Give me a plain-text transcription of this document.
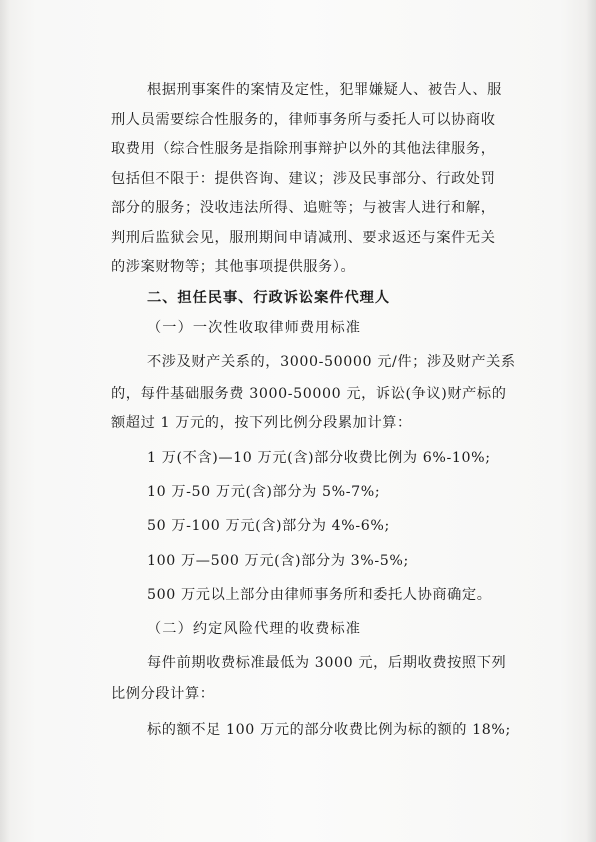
根据刑事案件的案情及定性，犯罪嫌疑人、被告人、服
刑人员需要综合性服务的，律师事务所与委托人可以协商收
取费用（综合性服务是指除刑事辩护以外的其他法律服务，
包括但不限于：提供咨询、建议；涉及民事部分、行政处罚
部分的服务；没收违法所得、追赃等；与被害人进行和解，
判刑后监狱会见，服刑期间申请减刑、要求返还与案件无关
的涉案财物等；其他事项提供服务）。
二、担任民事、行政诉讼案件代理人
（一）一次性收取律师费用标准
不涉及财产关系的，3000-50000 元/件；涉及财产关系
的，每件基础服务费 3000-50000 元，诉讼(争议)财产标的
额超过 1 万元的，按下列比例分段累加计算：
1 万(不含)—10 万元(含)部分收费比例为 6%-10%;
10 万-50 万元(含)部分为 5%-7%;
50 万-100 万元(含)部分为 4%-6%;
100 万—500 万元(含)部分为 3%-5%;
500 万元以上部分由律师事务所和委托人协商确定。
（二）约定风险代理的收费标准
每件前期收费标准最低为 3000 元，后期收费按照下列
比例分段计算：
标的额不足 100 万元的部分收费比例为标的额的 18%;
